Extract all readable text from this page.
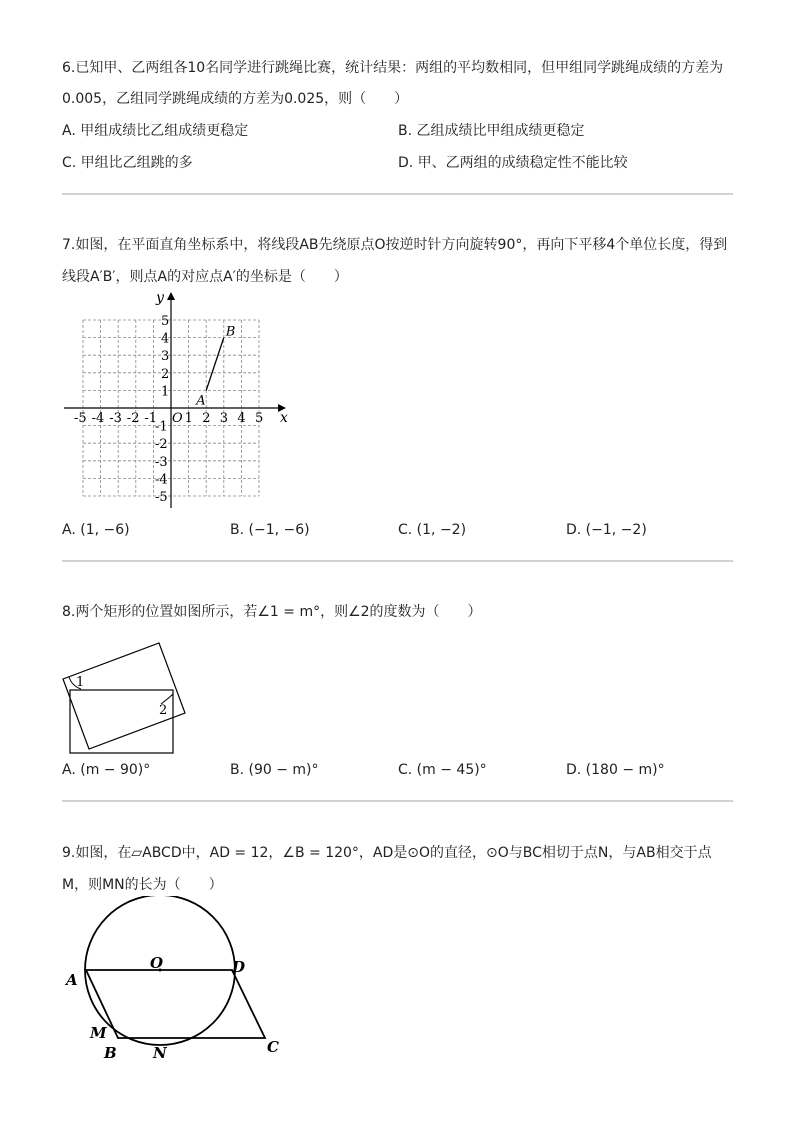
6.已知甲、乙两组各10名同学进行跳绳比赛，统计结果：两组的平均数相同，但甲组同学跳绳成绩的方差为
0.005，乙组同学跳绳成绩的方差为0.025，则（　　）
A. 甲组成绩比乙组成绩更稳定	B. 乙组成绩比甲组成绩更稳定
C. 甲组比乙组跳的多	D. 甲、乙两组的成绩稳定性不能比较
7.如图，在平面直角坐标系中，将线段AB先绕原点O按逆时针方向旋转90°，再向下平移4个单位长度，得到
线段A′B′，则点A的对应点A′的坐标是（　　）
x
y
O
-5 -4 -3 -2 -1 1 2 3 4 5
5
4
3
2
1
-1
-2
-3
-4
-5
A
B
A. (1, −6)	B. (−1, −6)	C. (1, −2)	D. (−1, −2)
8.两个矩形的位置如图所示，若∠1 = m°，则∠2的度数为（　　）
1
2
A. (m − 90)°	B. (90 − m)°	C. (m − 45)°	D. (180 − m)°
9.如图，在▱ABCD中，AD = 12，∠B = 120°，AD是⊙O的直径，⊙O与BC相切于点N，与AB相交于点
M，则MN的长为（　　）
O
A
D
M
B N	C
